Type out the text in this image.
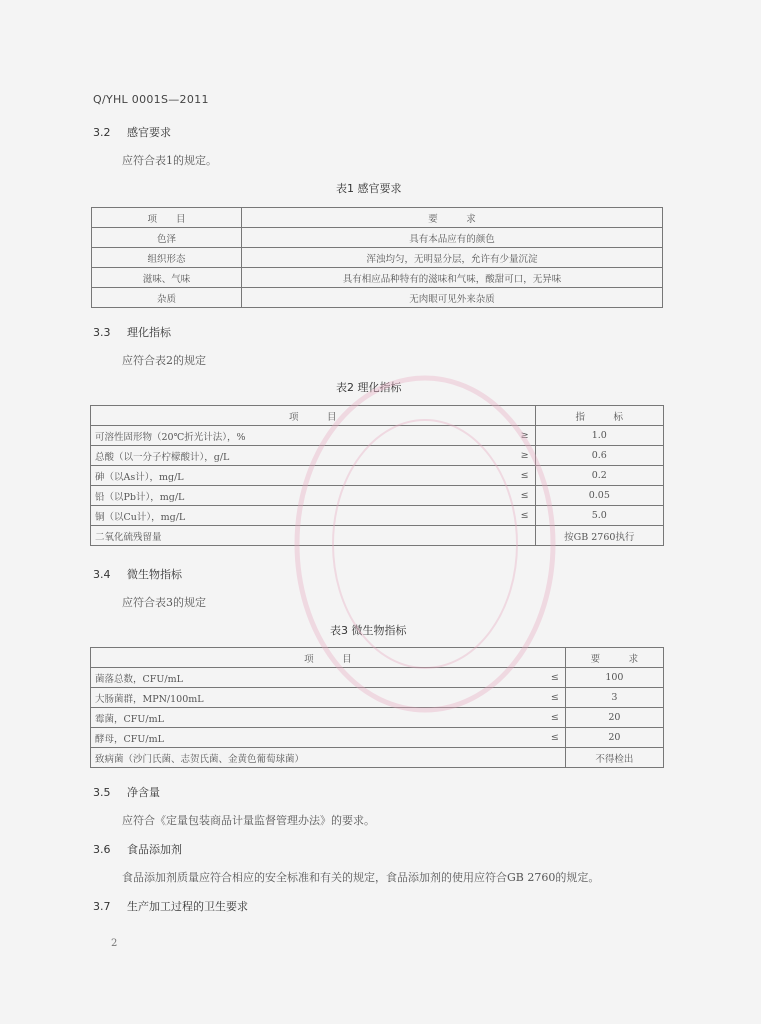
Q/YHL 0001S—2011
3.2 感官要求
应符合表1的规定。
表1 感官要求
项　　目	要　　　求
色泽	具有本品应有的颜色
组织形态	浑浊均匀，无明显分层，允许有少量沉淀
滋味、气味	具有相应品种特有的滋味和气味，酸甜可口，无异味
杂质	无肉眼可见外来杂质
3.3 理化指标
应符合表2的规定
表2 理化指标
项　　　目		指　　　标
可溶性固形物（20℃折光计法），%	≥	1.0
总酸（以一分子柠檬酸计），g/L	≥	0.6
砷（以As计），mg/L	≤	0.2
铅（以Pb计），mg/L	≤	0.05
铜（以Cu计），mg/L	≤	5.0
二氧化硫残留量		按GB 2760执行
3.4 微生物指标
应符合表3的规定
表3 微生物指标
项　　　目		要　　　求
菌落总数，CFU/mL	≤	100
大肠菌群，MPN/100mL	≤	3
霉菌，CFU/mL	≤	20
酵母，CFU/mL	≤	20
致病菌（沙门氏菌、志贺氏菌、金黄色葡萄球菌）		不得检出
3.5 净含量
应符合《定量包装商品计量监督管理办法》的要求。
3.6 食品添加剂
食品添加剂质量应符合相应的安全标准和有关的规定，食品添加剂的使用应符合GB 2760的规定。
3.7 生产加工过程的卫生要求
2
